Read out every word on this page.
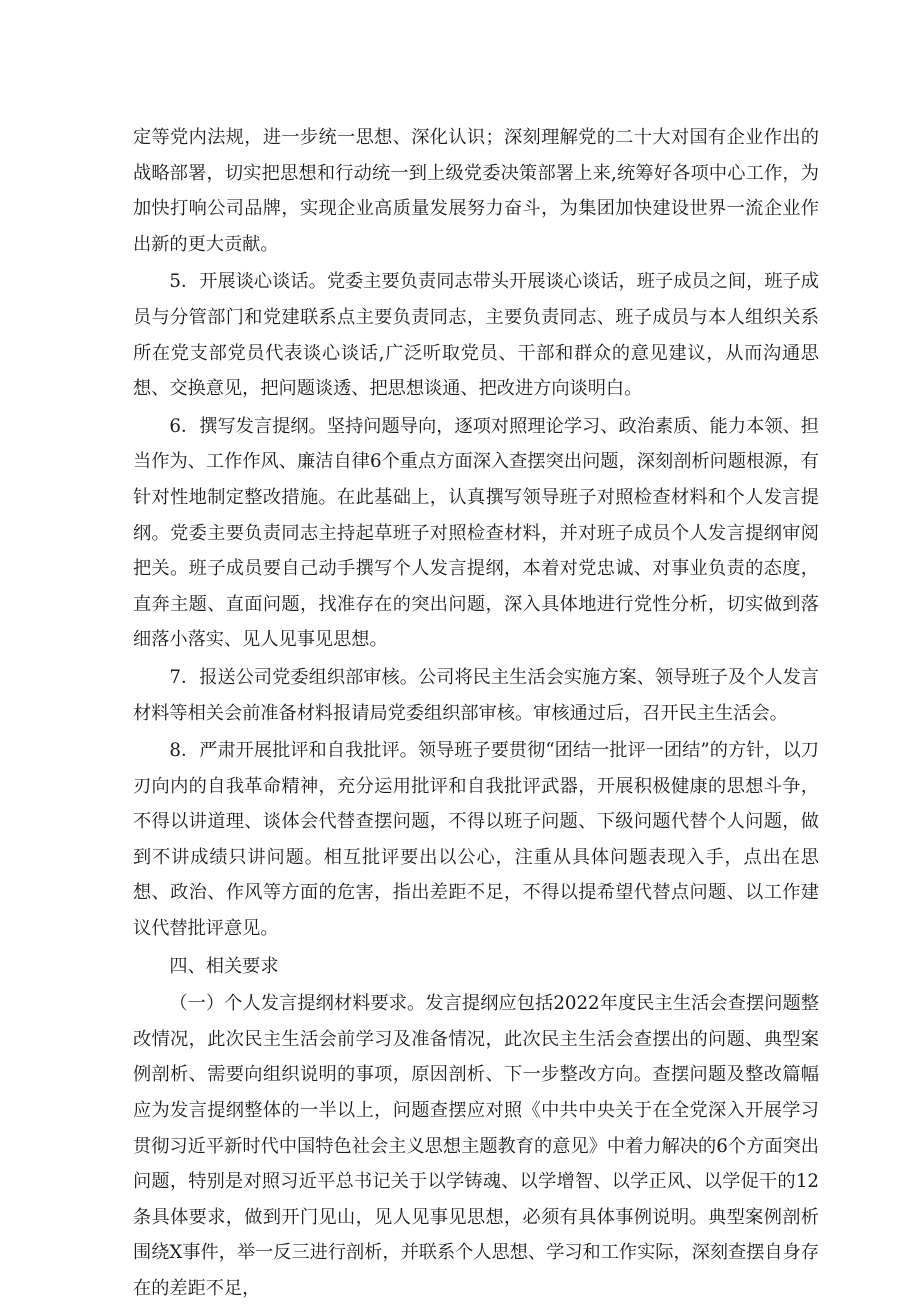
定等党内法规，进一步统一思想、深化认识；深刻理解党的二十大对国有企业作出的战略部署，切实把思想和行动统一到上级党委决策部署上来,统筹好各项中心工作，为加快打响公司品牌，实现企业高质量发展努力奋斗，为集团加快建设世界一流企业作出新的更大贡献。

5．开展谈心谈话。党委主要负责同志带头开展谈心谈话，班子成员之间，班子成员与分管部门和党建联系点主要负责同志，主要负责同志、班子成员与本人组织关系所在党支部党员代表谈心谈话,广泛听取党员、干部和群众的意见建议，从而沟通思想、交换意见，把问题谈透、把思想谈通、把改进方向谈明白。

6．撰写发言提纲。坚持问题导向，逐项对照理论学习、政治素质、能力本领、担当作为、工作作风、廉洁自律6个重点方面深入查摆突出问题，深刻剖析问题根源，有针对性地制定整改措施。在此基础上，认真撰写领导班子对照检查材料和个人发言提纲。党委主要负责同志主持起草班子对照检查材料，并对班子成员个人发言提纲审阅把关。班子成员要自己动手撰写个人发言提纲，本着对党忠诚、对事业负责的态度，直奔主题、直面问题，找准存在的突出问题，深入具体地进行党性分析，切实做到落细落小落实、见人见事见思想。

7．报送公司党委组织部审核。公司将民主生活会实施方案、领导班子及个人发言材料等相关会前准备材料报请局党委组织部审核。审核通过后，召开民主生活会。

8．严肃开展批评和自我批评。领导班子要贯彻“团结一批评一团结”的方针，以刀刃向内的自我革命精神，充分运用批评和自我批评武器，开展积极健康的思想斗争，不得以讲道理、谈体会代替查摆问题，不得以班子问题、下级问题代替个人问题，做到不讲成绩只讲问题。相互批评要出以公心，注重从具体问题表现入手，点出在思想、政治、作风等方面的危害，指出差距不足，不得以提希望代替点问题、以工作建议代替批评意见。

四、相关要求

（一）个人发言提纲材料要求。发言提纲应包括2022年度民主生活会查摆问题整改情况，此次民主生活会前学习及准备情况，此次民主生活会查摆出的问题、典型案例剖析、需要向组织说明的事项，原因剖析、下一步整改方向。查摆问题及整改篇幅应为发言提纲整体的一半以上，问题查摆应对照《中共中央关于在全党深入开展学习贯彻习近平新时代中国特色社会主义思想主题教育的意见》中着力解决的6个方面突出问题，特别是对照习近平总书记关于以学铸魂、以学增智、以学正风、以学促干的12条具体要求，做到开门见山，见人见事见思想，必须有具体事例说明。典型案例剖析围绕X事件，举一反三进行剖析，并联系个人思想、学习和工作实际，深刻查摆自身存在的差距不足，
